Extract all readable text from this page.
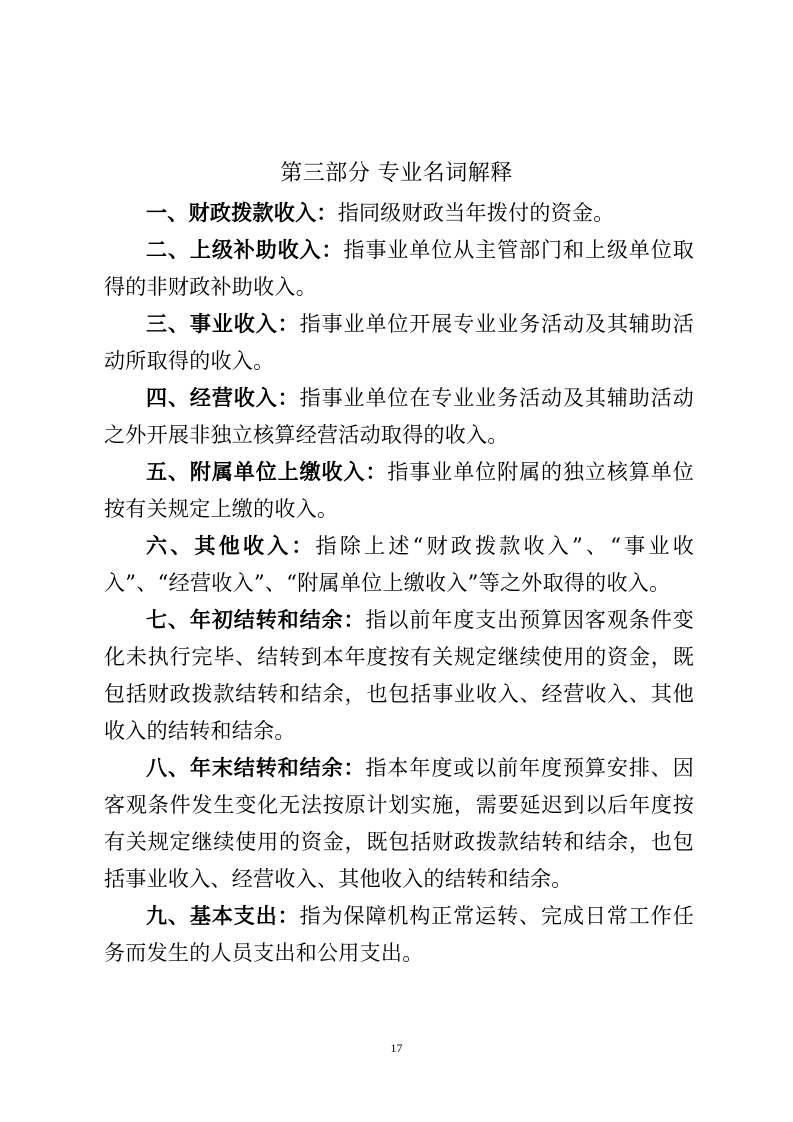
第三部分 专业名词解释

一、财政拨款收入：指同级财政当年拨付的资金。

二、上级补助收入：指事业单位从主管部门和上级单位取得的非财政补助收入。

三、事业收入：指事业单位开展专业业务活动及其辅助活动所取得的收入。

四、经营收入：指事业单位在专业业务活动及其辅助活动之外开展非独立核算经营活动取得的收入。

五、附属单位上缴收入：指事业单位附属的独立核算单位按有关规定上缴的收入。

六、其他收入：指除上述“财政拨款收入”、“事业收入”、“经营收入”、“附属单位上缴收入”等之外取得的收入。

七、年初结转和结余：指以前年度支出预算因客观条件变化未执行完毕、结转到本年度按有关规定继续使用的资金，既包括财政拨款结转和结余，也包括事业收入、经营收入、其他收入的结转和结余。

八、年末结转和结余：指本年度或以前年度预算安排、因客观条件发生变化无法按原计划实施，需要延迟到以后年度按有关规定继续使用的资金，既包括财政拨款结转和结余，也包括事业收入、经营收入、其他收入的结转和结余。

九、基本支出：指为保障机构正常运转、完成日常工作任务而发生的人员支出和公用支出。

17
